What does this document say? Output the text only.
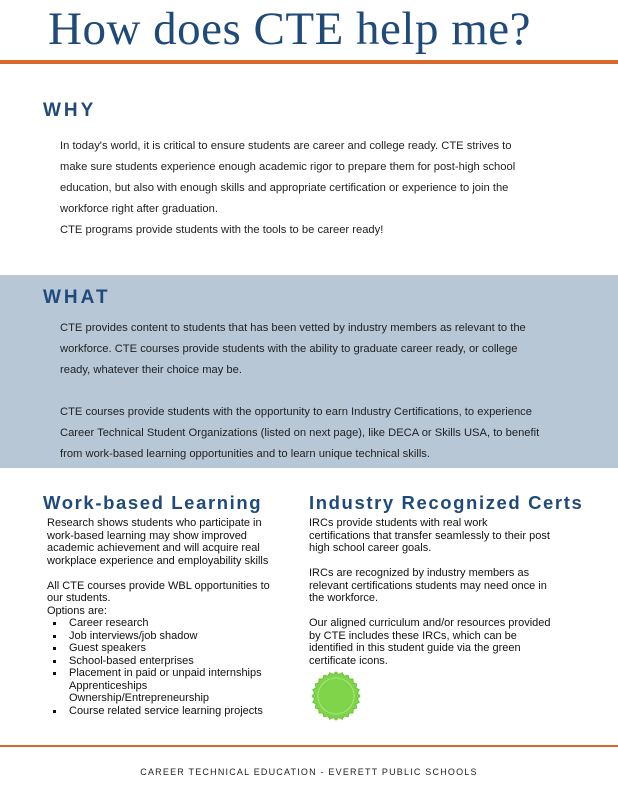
How does CTE help me?
WHY

In today's world, it is critical to ensure students are career and college ready. CTE strives to

make sure students experience enough academic rigor to prepare them for post-high school

education, but also with enough skills and appropriate certification or experience to join the

workforce right after graduation.

CTE programs provide students with the tools to be career ready!

WHAT

CTE provides content to students that has been vetted by industry members as relevant to the

workforce. CTE courses provide students with the ability to graduate career ready, or college

ready, whatever their choice may be.

CTE courses provide students with the opportunity to earn Industry Certifications, to experience

Career Technical Student Organizations (listed on next page), like DECA or Skills USA, to benefit

from work-based learning opportunities and to learn unique technical skills.

Work-based Learning

Research shows students who participate in

work-based learning may show improved

academic achievement and will acquire real

workplace experience and employability skills

All CTE courses provide WBL opportunities to

our students.

Options are:

Career research
Job interviews/job shadow
Guest speakers
School-based enterprises
Placement in paid or unpaid internships
Apprenticeships
Ownership/Entrepreneurship
Course related service learning projects
Industry Recognized Certs

IRCs provide students with real work

certifications that transfer seamlessly to their post

high school career goals.

IRCs are recognized by industry members as

relevant certifications students may need once in

the workforce.

Our aligned curriculum and/or resources provided

by CTE includes these IRCs, which can be

identified in this student guide via the green

certificate icons.

CAREER TECHNICAL EDUCATION - EVERETT PUBLIC SCHOOLS
